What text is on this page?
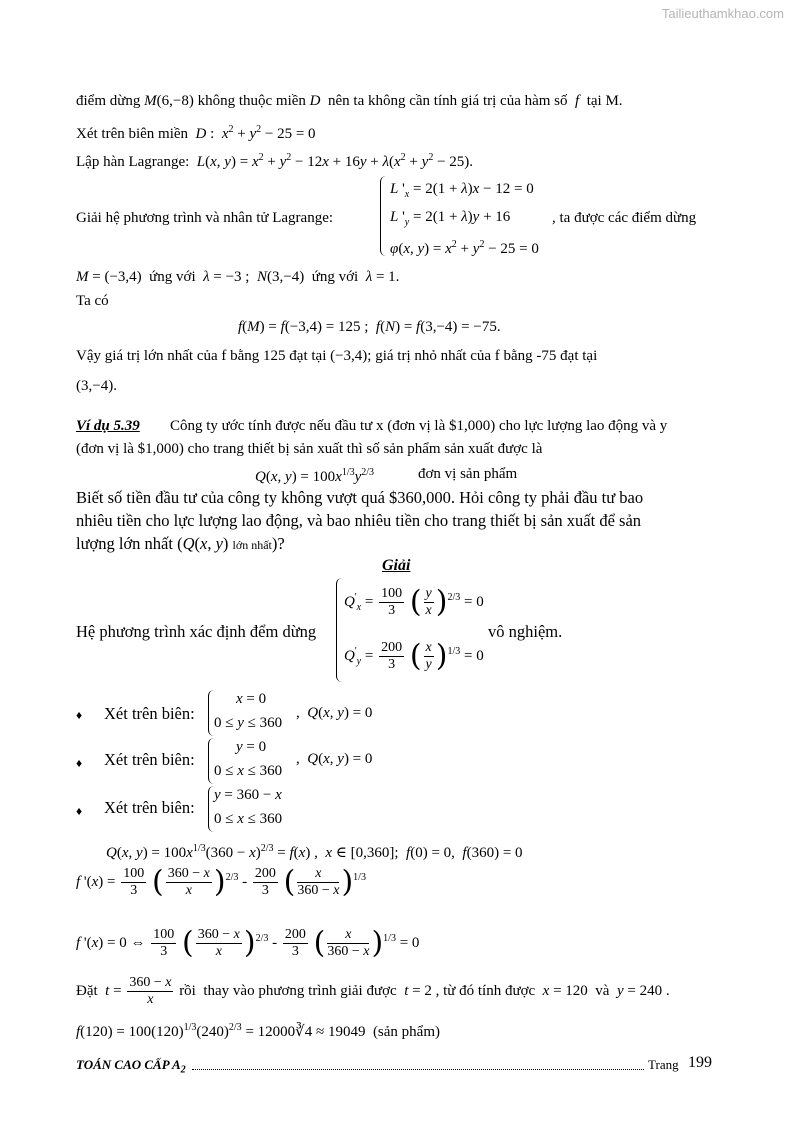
Tailieuthamkhao.com
điểm dừng M(6,−8) không thuộc miền D  nên ta không cần tính giá trị của hàm số  f  tại M.
Xét trên biên miền  D :  $x^2 + y^2 - 25 = 0$
Lập hàn Lagrange:  L(x, $y) = x^2 + y^2 - 12x + 16y + \lambda(x^2 + y^2 - 25)$.
Giải hệ phương trình và nhân tử Lagrange:
L '$_x = 2(1 + \lambda)x - 12 = 0$
L '$_y = 2(1 + \lambda)y + 16$
φ(x, $y) = x^2 + y^2 - 25 = 0$
, ta được các điểm dừng
M = (−3,4)  ứng với  λ = −3 ;  N(3,−4)  ứng với  λ = 1.
Ta có
f(M) = f(−3,4) = 125 ;  f(N) = f(3,−4) = −75.
Vậy giá trị lớn nhất của f bằng 125 đạt tại (−3,4); giá trị nhỏ nhất của f bằng -75 đạt tại
(3,−4).
Ví dụ 5.39 Công ty ước tính được nếu đầu tư x (đơn vị là $1,000) cho lực lượng lao động và y
(đơn vị là $1,000) cho trang thiết bị sản xuất thì số sản phẩm sản xuất được là
Q(x, $y) = 100x^{1/3}y^{2/3}$	đơn vị sản phẩm
Biết số tiền đầu tư của công ty không vượt quá $360,000. Hỏi công ty phải đầu tư bao
nhiêu tiền cho lực lượng lao động, và bao nhiêu tiền cho trang thiết bị sản xuất để sản
lượng lớn nhất (Q(x, y) lớn nhất)?
Giải
Hệ phương trình xác định đểm dừng
$Q'_x = \frac{100}{3}$ ( $\frac{y}{x} )^{2/3} = 0$
$Q'_y = \frac{200}{3}$ ( $\frac{x}{y} )^{1/3} = 0$
vô nghiệm.
♦ Xét trên biên:
x = 0
0 ≤ y ≤ 360
,  Q(x, y) = 0
♦ Xét trên biên:
y = 0
0 ≤ x ≤ 360
,  Q(x, y) = 0
♦ Xét trên biên:
y = 360 − x
0 ≤ x ≤ 360
Q(x, $y) = 100x^{1/3}(360 - x)^{2/3} = f(x)$ ,  x ∈ [0,360];  f(0) = 0,  f(360) = 0
f '$(x) = \frac{100}{3}$ ( $\frac{360 - x}{x} )^{2/3} - \frac{200}{3}$ ( $\frac{x}{360 - x} )^{1/3}$
f '(x) = 0 ⇔ $\frac{100}{3}$ ( $\frac{360 - x}{x} )^{2/3} - \frac{200}{3}$ ( $\frac{x}{360 - x} )^{1/3} = 0$
Đặt  $t = \frac{360 - x}{x}$ rồi  thay vào phương trình giải được  t = 2 , từ đó tính được  x = 120  và  y = 240 .
$f(120) = 100(120)^{1/3}(240)^{2/3}$ = 12000∛4 ≈ 19049  (sản phẩm)
TOÁN CAO CẤP $A_2$	Trang 199
